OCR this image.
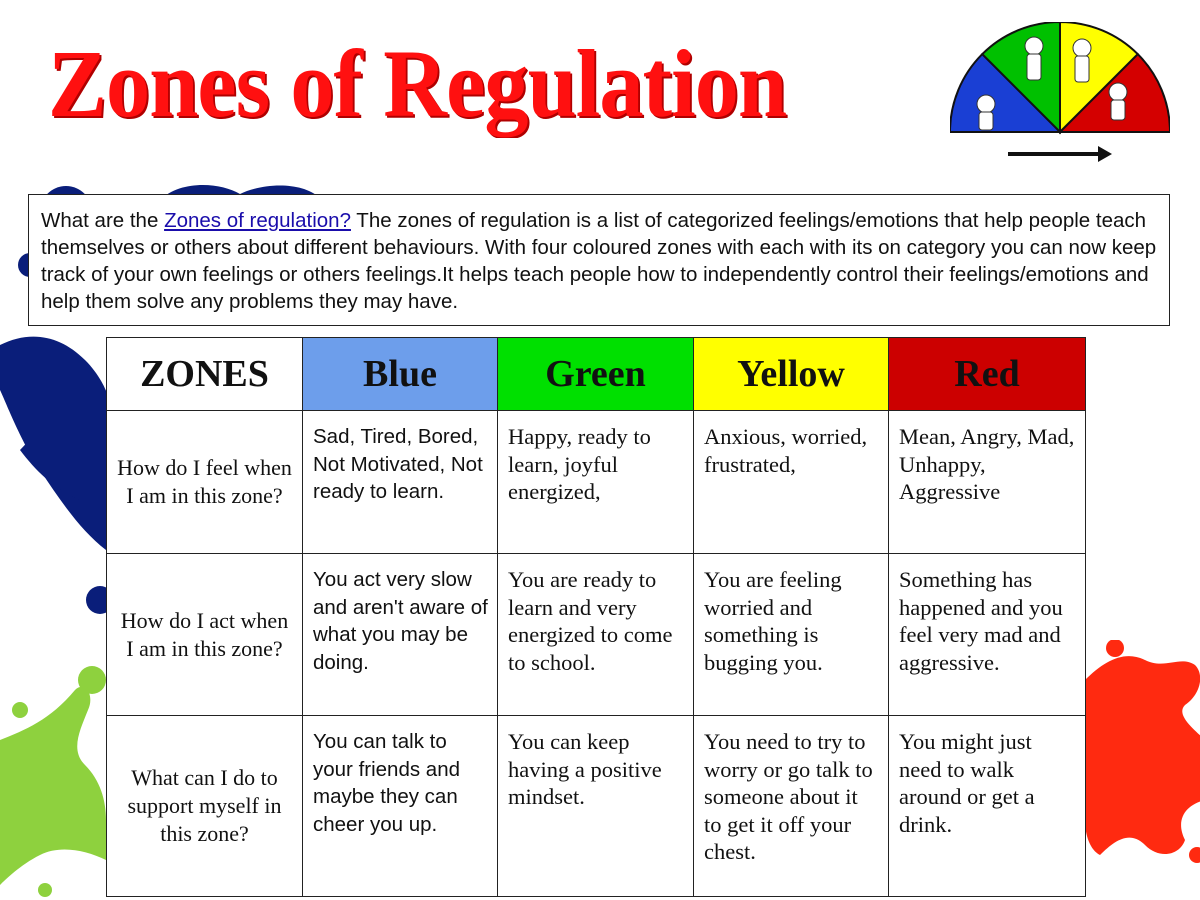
Zones of Regulation
What are the Zones of regulation? The zones of regulation is a list of categorized feelings/emotions that help people teach themselves or others about different behaviours. With four coloured zones with each with its on category you can now keep track of your own feelings or others feelings.It helps teach people how to independently control their feelings/emotions and help them solve any problems they may have.
ZONES	Blue	Green	Yellow	Red
How do I feel when I am in this zone?	Sad, Tired, Bored, Not Motivated, Not ready to learn.	Happy, ready to learn, joyful energized,	Anxious, worried, frustrated,	Mean, Angry, Mad, Unhappy, Aggressive
How do I act when I am in this zone?	You act very slow and aren't aware of what you may be doing.	You are ready to learn and very energized to come to school.	You are feeling worried and something is bugging you.	Something has happened and you feel very mad and aggressive.
What can I do to support myself in this zone?	You can talk to your friends and maybe they can cheer you up.	You can keep having a positive mindset.	You need to try to worry or go talk to someone about it to get it off your chest.	You might just need to walk around or get a drink.
